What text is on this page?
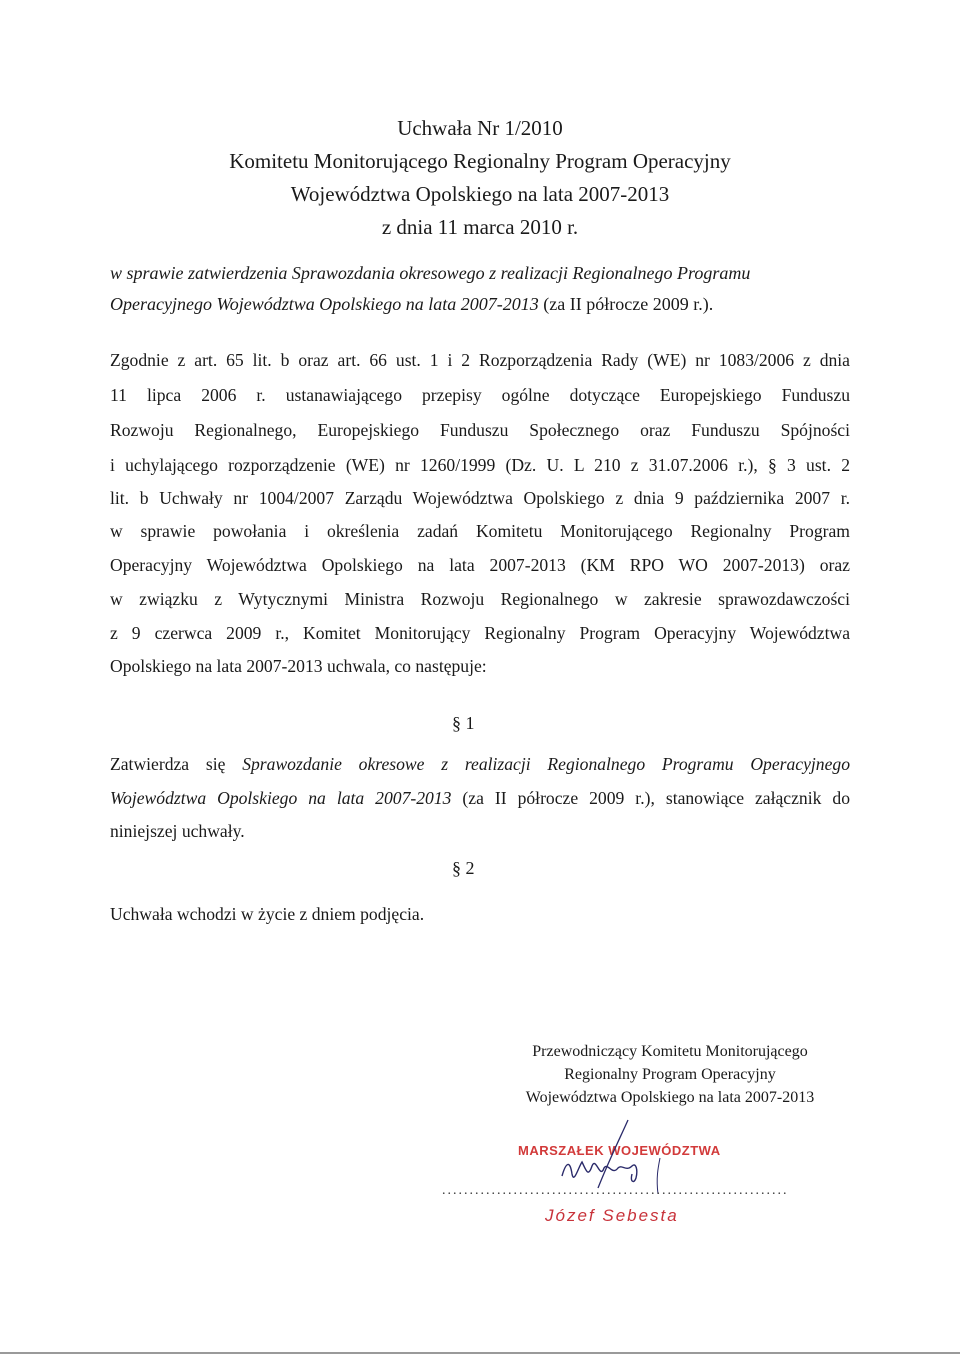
Uchwała Nr 1/2010
Komitetu Monitorującego Regionalny Program Operacyjny
Województwa Opolskiego na lata 2007-2013
z dnia 11 marca 2010 r.
w sprawie zatwierdzenia Sprawozdania okresowego z realizacji Regionalnego Programu
Operacyjnego Województwa Opolskiego na lata 2007-2013 (za II półrocze 2009 r.).
Zgodnie z art. 65 lit. b oraz art. 66 ust. 1 i 2 Rozporządzenia Rady (WE) nr 1083/2006 z dnia
11 lipca 2006 r. ustanawiającego przepisy ogólne dotyczące Europejskiego Funduszu
Rozwoju Regionalnego, Europejskiego Funduszu Społecznego oraz Funduszu Spójności
i uchylającego rozporządzenie (WE) nr 1260/1999 (Dz. U. L 210 z 31.07.2006 r.), § 3 ust. 2
lit. b Uchwały nr 1004/2007 Zarządu Województwa Opolskiego z dnia 9 października 2007 r.
w sprawie powołania i określenia zadań Komitetu Monitorującego Regionalny Program
Operacyjny Województwa Opolskiego na lata 2007-2013 (KM RPO WO 2007-2013) oraz
w związku z Wytycznymi Ministra Rozwoju Regionalnego w zakresie sprawozdawczości
z 9 czerwca 2009 r., Komitet Monitorujący Regionalny Program Operacyjny Województwa
Opolskiego na lata 2007-2013 uchwala, co następuje:
§ 1
Zatwierdza się Sprawozdanie okresowe z realizacji Regionalnego Programu Operacyjnego
Województwa Opolskiego na lata 2007-2013 (za II półrocze 2009 r.), stanowiące załącznik do
niniejszej uchwały.
§ 2
Uchwała wchodzi w życie z dniem podjęcia.
Przewodniczący Komitetu Monitorującego
Regionalny Program Operacyjny
Województwa Opolskiego na lata 2007-2013
MARSZAŁEK WOJEWÓDZTWA
...............................................................
Józef Sebesta
